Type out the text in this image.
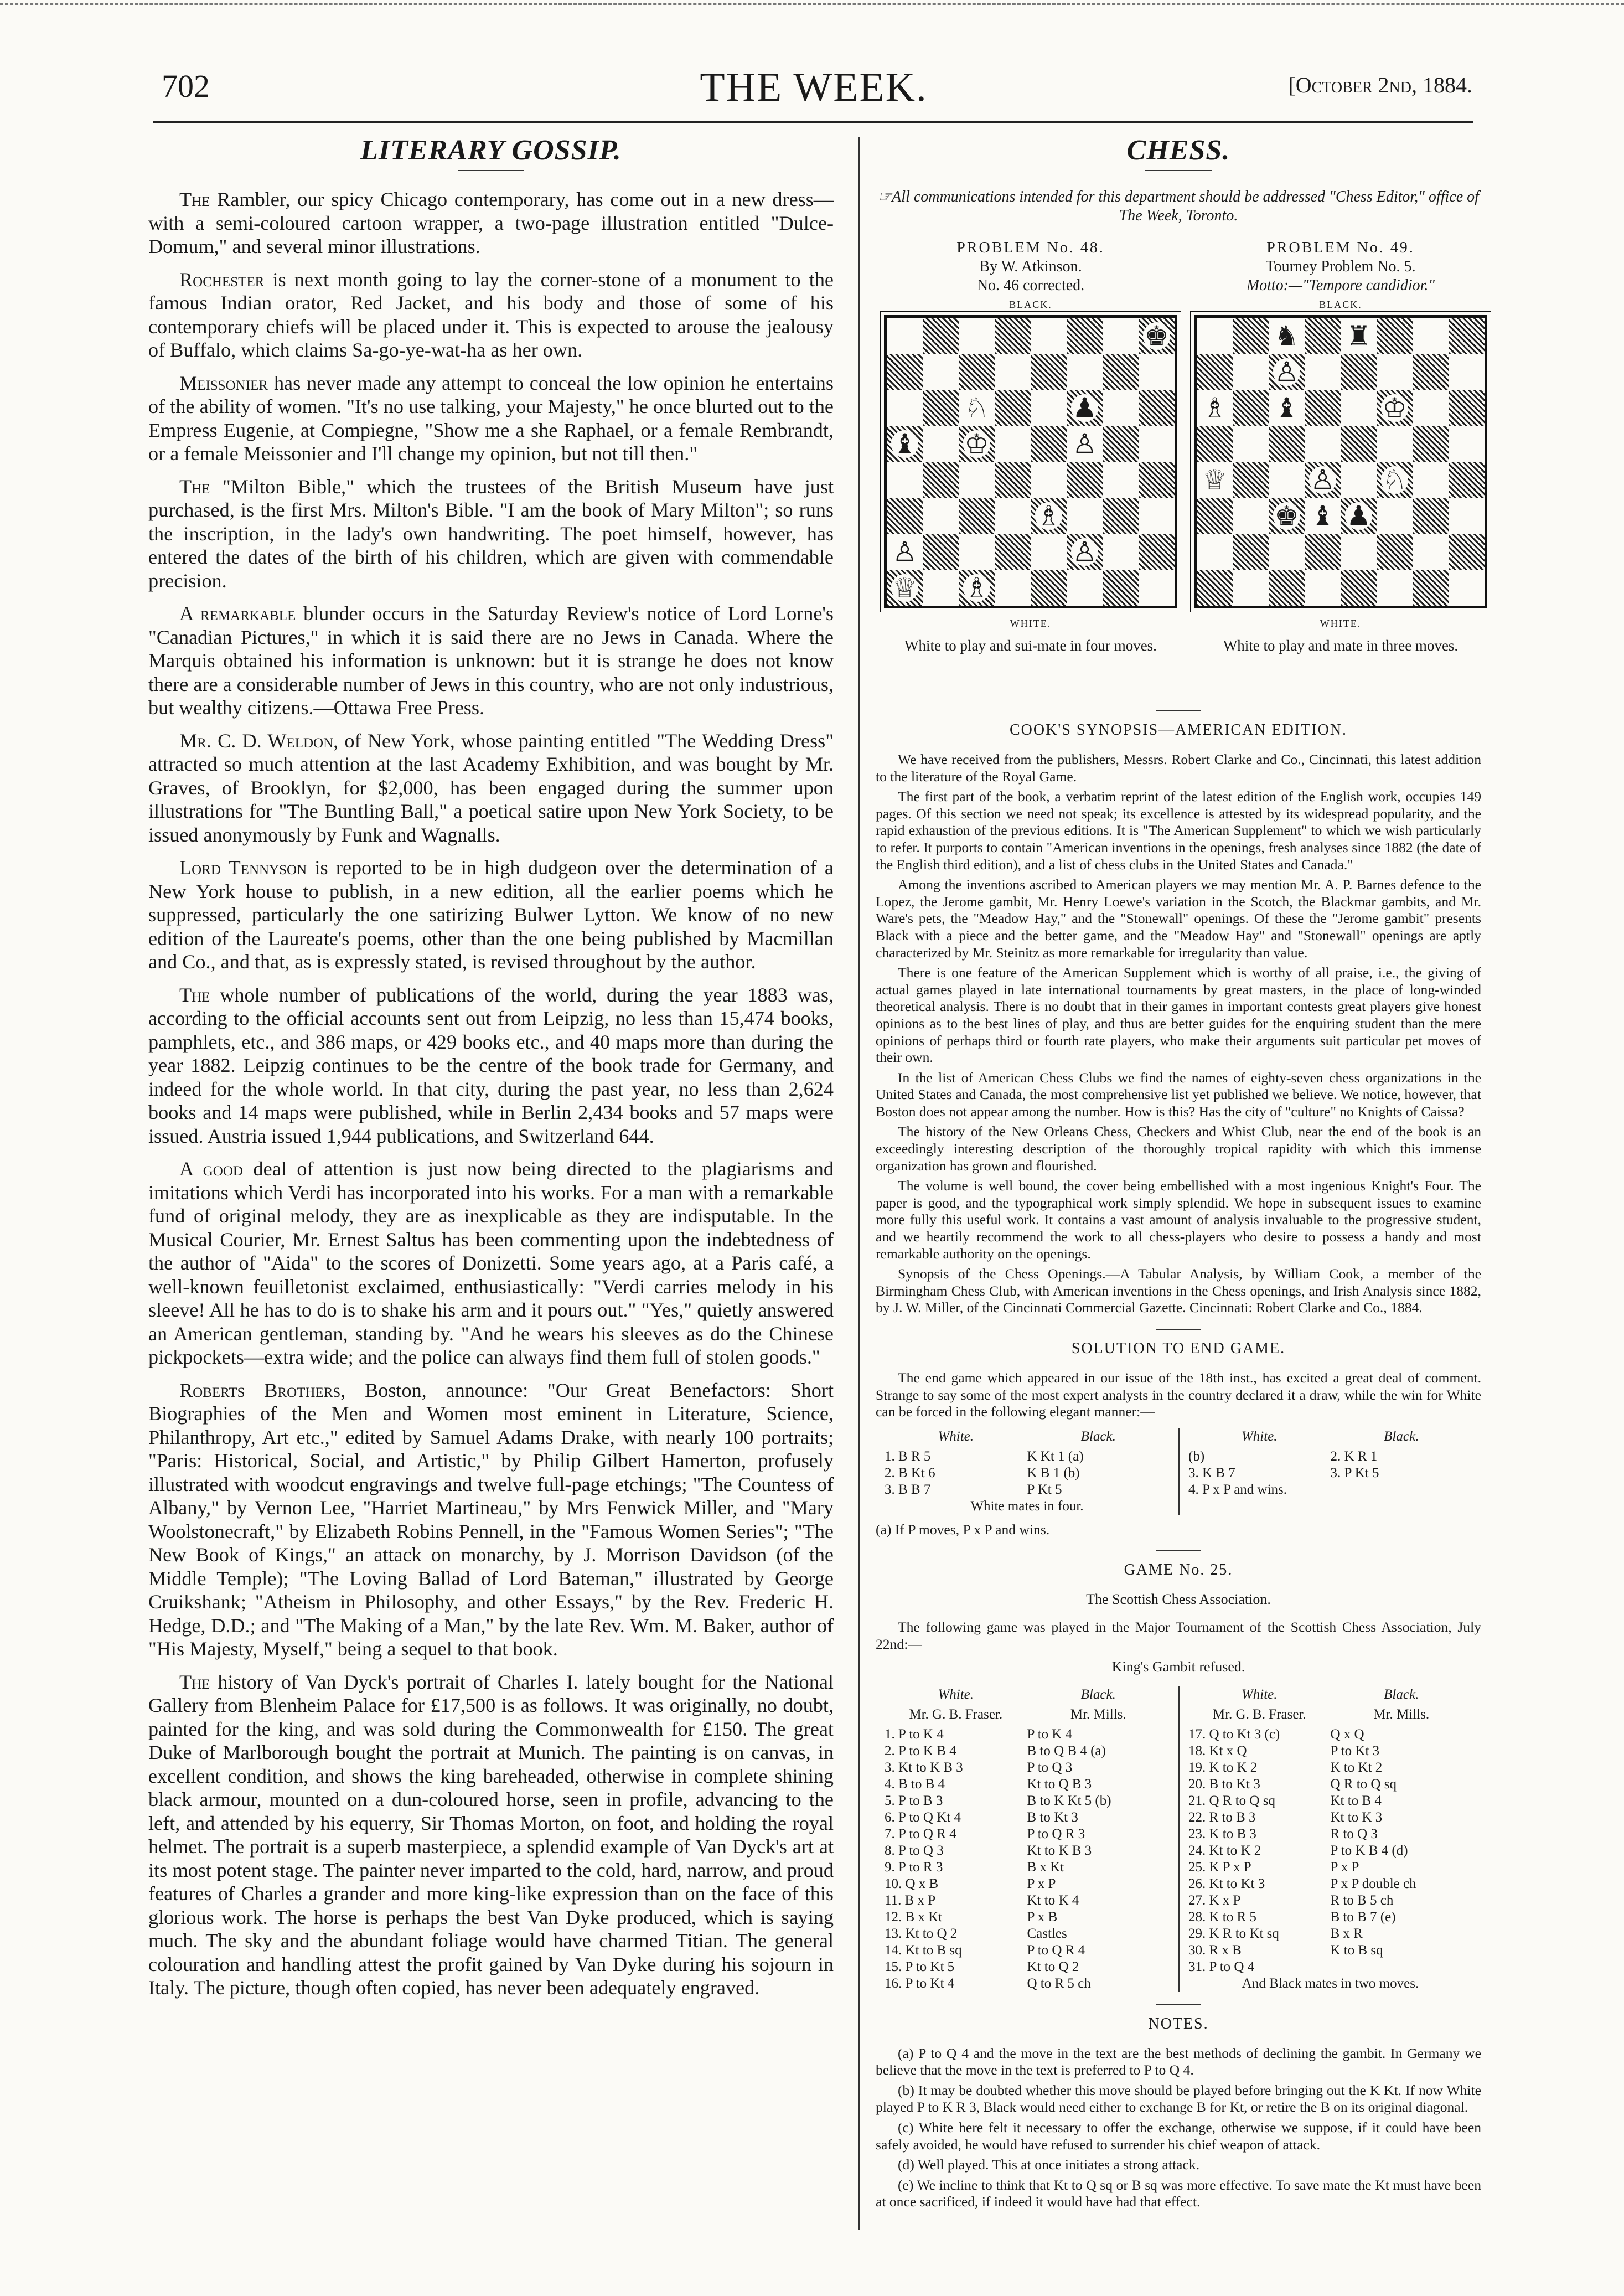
702	THE WEEK.	[October 2nd, 1884.
LITERARY GOSSIP.

The Rambler, our spicy Chicago contemporary, has come out in a new dress—with a semi-coloured cartoon wrapper, a two-page illustration entitled "Dulce-Domum," and several minor illustrations.

Rochester is next month going to lay the corner-stone of a monument to the famous Indian orator, Red Jacket, and his body and those of some of his contemporary chiefs will be placed under it. This is expected to arouse the jealousy of Buffalo, which claims Sa-go-ye-wat-ha as her own.

Meissonier has never made any attempt to conceal the low opinion he entertains of the ability of women. "It's no use talking, your Majesty," he once blurted out to the Empress Eugenie, at Compiegne, "Show me a she Raphael, or a female Rembrandt, or a female Meissonier and I'll change my opinion, but not till then."

The "Milton Bible," which the trustees of the British Museum have just purchased, is the first Mrs. Milton's Bible. "I am the book of Mary Milton"; so runs the inscription, in the lady's own handwriting. The poet himself, however, has entered the dates of the birth of his children, which are given with commendable precision.

A remarkable blunder occurs in the Saturday Review's notice of Lord Lorne's "Canadian Pictures," in which it is said there are no Jews in Canada. Where the Marquis obtained his information is unknown: but it is strange he does not know there are a considerable number of Jews in this country, who are not only industrious, but wealthy citizens.—Ottawa Free Press.

Mr. C. D. Weldon, of New York, whose painting entitled "The Wedding Dress" attracted so much attention at the last Academy Exhibition, and was bought by Mr. Graves, of Brooklyn, for $2,000, has been engaged during the summer upon illustrations for "The Buntling Ball," a poetical satire upon New York Society, to be issued anonymously by Funk and Wagnalls.

Lord Tennyson is reported to be in high dudgeon over the determination of a New York house to publish, in a new edition, all the earlier poems which he suppressed, particularly the one satirizing Bulwer Lytton. We know of no new edition of the Laureate's poems, other than the one being published by Macmillan and Co., and that, as is expressly stated, is revised throughout by the author.

The whole number of publications of the world, during the year 1883 was, according to the official accounts sent out from Leipzig, no less than 15,474 books, pamphlets, etc., and 386 maps, or 429 books etc., and 40 maps more than during the year 1882. Leipzig continues to be the centre of the book trade for Germany, and indeed for the whole world. In that city, during the past year, no less than 2,624 books and 14 maps were published, while in Berlin 2,434 books and 57 maps were issued. Austria issued 1,944 publications, and Switzerland 644.

A good deal of attention is just now being directed to the plagiarisms and imitations which Verdi has incorporated into his works. For a man with a remarkable fund of original melody, they are as inexplicable as they are indisputable. In the Musical Courier, Mr. Ernest Saltus has been commenting upon the indebtedness of the author of "Aida" to the scores of Donizetti. Some years ago, at a Paris café, a well-known feuilletonist exclaimed, enthusiastically: "Verdi carries melody in his sleeve! All he has to do is to shake his arm and it pours out." "Yes," quietly answered an American gentleman, standing by. "And he wears his sleeves as do the Chinese pickpockets—extra wide; and the police can always find them full of stolen goods."

Roberts Brothers, Boston, announce: "Our Great Benefactors: Short Biographies of the Men and Women most eminent in Literature, Science, Philanthropy, Art etc.," edited by Samuel Adams Drake, with nearly 100 portraits; "Paris: Historical, Social, and Artistic," by Philip Gilbert Hamerton, profusely illustrated with woodcut engravings and twelve full-page etchings; "The Countess of Albany," by Vernon Lee, "Harriet Martineau," by Mrs Fenwick Miller, and "Mary Woolstonecraft," by Elizabeth Robins Pennell, in the "Famous Women Series"; "The New Book of Kings," an attack on monarchy, by J. Morrison Davidson (of the Middle Temple); "The Loving Ballad of Lord Bateman," illustrated by George Cruikshank; "Atheism in Philosophy, and other Essays," by the Rev. Frederic H. Hedge, D.D.; and "The Making of a Man," by the late Rev. Wm. M. Baker, author of "His Majesty, Myself," being a sequel to that book.

The history of Van Dyck's portrait of Charles I. lately bought for the National Gallery from Blenheim Palace for £17,500 is as follows. It was originally, no doubt, painted for the king, and was sold during the Commonwealth for £150. The great Duke of Marlborough bought the portrait at Munich. The painting is on canvas, in excellent condition, and shows the king bareheaded, otherwise in complete shining black armour, mounted on a dun-coloured horse, seen in profile, advancing to the left, and attended by his equerry, Sir Thomas Morton, on foot, and holding the royal helmet. The portrait is a superb masterpiece, a splendid example of Van Dyck's art at its most potent stage. The painter never imparted to the cold, hard, narrow, and proud features of Charles a grander and more king-like expression than on the face of this glorious work. The horse is perhaps the best Van Dyke produced, which is saying much. The sky and the abundant foliage would have charmed Titian. The general colouration and handling attest the profit gained by Van Dyke during his sojourn in Italy. The picture, though often copied, has never been adequately engraved.

CHESS.

☞All communications intended for this department should be addressed "Chess Editor," office of The Week, Toronto.

PROBLEM No. 48.
By W. Atkinson.
No. 46 corrected.
BLACK.
♚
♘	♟
♝ ♔	♙
♗
♙	♙
♕ ♗
WHITE.
White to play and sui-mate in four moves.
PROBLEM No. 49.
Tourney Problem No. 5.
Motto:—"Tempore candidior."
BLACK.
♞ ♜
♙
♗ ♝	♔
♕	♙ ♘
♚ ♝ ♟
WHITE.
White to play and mate in three moves.
COOK'S SYNOPSIS—AMERICAN EDITION.

We have received from the publishers, Messrs. Robert Clarke and Co., Cincinnati, this latest addition to the literature of the Royal Game.

The first part of the book, a verbatim reprint of the latest edition of the English work, occupies 149 pages. Of this section we need not speak; its excellence is attested by its widespread popularity, and the rapid exhaustion of the previous editions. It is "The American Supplement" to which we wish particularly to refer. It purports to contain "American inventions in the openings, fresh analyses since 1882 (the date of the English third edition), and a list of chess clubs in the United States and Canada."

Among the inventions ascribed to American players we may mention Mr. A. P. Barnes defence to the Lopez, the Jerome gambit, Mr. Henry Loewe's variation in the Scotch, the Blackmar gambits, and Mr. Ware's pets, the "Meadow Hay," and the "Stonewall" openings. Of these the "Jerome gambit" presents Black with a piece and the better game, and the "Meadow Hay" and "Stonewall" openings are aptly characterized by Mr. Steinitz as more remarkable for irregularity than value.

There is one feature of the American Supplement which is worthy of all praise, i.e., the giving of actual games played in late international tournaments by great masters, in the place of long-winded theoretical analysis. There is no doubt that in their games in important contests great players give honest opinions as to the best lines of play, and thus are better guides for the enquiring student than the mere opinions of perhaps third or fourth rate players, who make their arguments suit particular pet moves of their own.

In the list of American Chess Clubs we find the names of eighty-seven chess organizations in the United States and Canada, the most comprehensive list yet published we believe. We notice, however, that Boston does not appear among the number. How is this? Has the city of "culture" no Knights of Caissa?

The history of the New Orleans Chess, Checkers and Whist Club, near the end of the book is an exceedingly interesting description of the thoroughly tropical rapidity with which this immense organization has grown and flourished.

The volume is well bound, the cover being embellished with a most ingenious Knight's Four. The paper is good, and the typographical work simply splendid. We hope in subsequent issues to examine more fully this useful work. It contains a vast amount of analysis invaluable to the progressive student, and we heartily recommend the work to all chess-players who desire to possess a handy and most remarkable authority on the openings.

Synopsis of the Chess Openings.—A Tabular Analysis, by William Cook, a member of the Birmingham Chess Club, with American inventions in the Chess openings, and Irish Analysis since 1882, by J. W. Miller, of the Cincinnati Commercial Gazette. Cincinnati: Robert Clarke and Co., 1884.

SOLUTION TO END GAME.

The end game which appeared in our issue of the 18th inst., has excited a great deal of comment. Strange to say some of the most expert analysts in the country declared it a draw, while the win for White can be forced in the following elegant manner:—

White.	Black.
1. B R 5	K Kt 1 (a)
2. B Kt 6	K B 1 (b)
3. B B 7	P Kt 5
White mates in four.
White.	Black.
(b)	2. K R 1
3. K B 7	3. P Kt 5
4. P x P and wins.

(a) If P moves, P x P and wins.

GAME No. 25.
The Scottish Chess Association.

The following game was played in the Major Tournament of the Scottish Chess Association, July 22nd:—

King's Gambit refused.
White.	Black.
Mr. G. B. Fraser.	Mr. Mills.
1. P to K 4	P to K 4
2. P to K B 4	B to Q B 4 (a)
3. Kt to K B 3	P to Q 3
4. B to B 4	Kt to Q B 3
5. P to B 3	B to K Kt 5 (b)
6. P to Q Kt 4	B to Kt 3
7. P to Q R 4	P to Q R 3
8. P to Q 3	Kt to K B 3
9. P to R 3	B x Kt
10. Q x B	P x P
11. B x P	Kt to K 4
12. B x Kt	P x B
13. Kt to Q 2	Castles
14. Kt to B sq	P to Q R 4
15. P to Kt 5	Kt to Q 2
16. P to Kt 4	Q to R 5 ch
White.	Black.
Mr. G. B. Fraser.	Mr. Mills.
17. Q to Kt 3 (c)	Q x Q
18. Kt x Q	P to Kt 3
19. K to K 2	K to Kt 2
20. B to Kt 3	Q R to Q sq
21. Q R to Q sq	Kt to B 4
22. R to B 3	Kt to K 3
23. K to B 3	R to Q 3
24. Kt to K 2	P to K B 4 (d)
25. K P x P	P x P
26. Kt to Kt 3	P x P double ch
27. K x P	R to B 5 ch
28. K to R 5	B to B 7 (e)
29. K R to Kt sq	B x R
30. R x B	K to B sq
31. P to Q 4
And Black mates in two moves.
NOTES.

(a) P to Q 4 and the move in the text are the best methods of declining the gambit. In Germany we believe that the move in the text is preferred to P to Q 4.

(b) It may be doubted whether this move should be played before bringing out the K Kt. If now White played P to K R 3, Black would need either to exchange B for Kt, or retire the B on its original diagonal.

(c) White here felt it necessary to offer the exchange, otherwise we suppose, if it could have been safely avoided, he would have refused to surrender his chief weapon of attack.

(d) Well played. This at once initiates a strong attack.

(e) We incline to think that Kt to Q sq or B sq was more effective. To save mate the Kt must have been at once sacrificed, if indeed it would have had that effect.
